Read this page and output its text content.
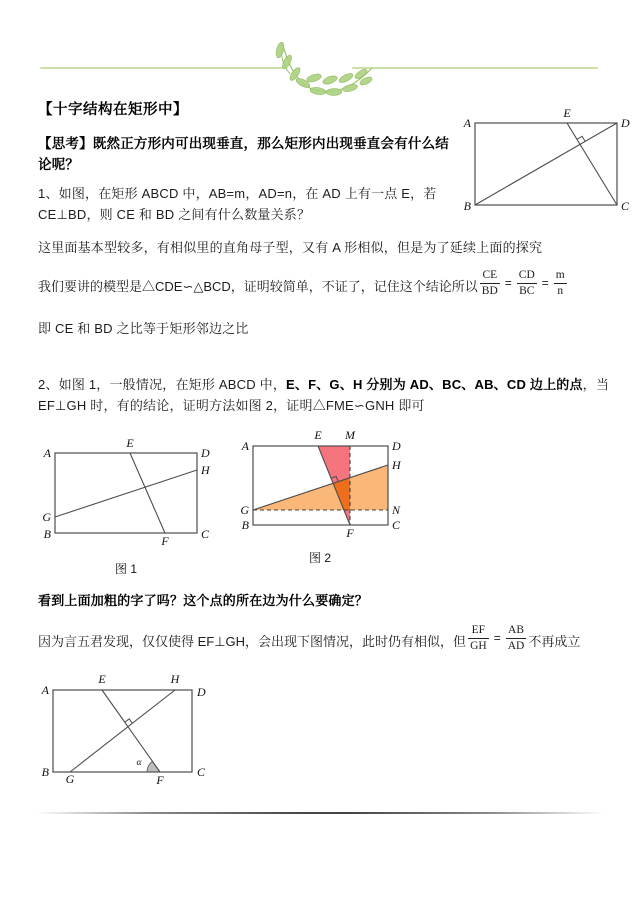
【十字结构在矩形中】
【思考】既然正方形内可出现垂直，那么矩形内出现垂直会有什么结论呢？
1、如图，在矩形 ABCD 中，AB=m，AD=n，在 AD 上有一点 E，若 CE⊥BD，则 CE 和 BD 之间有什么数量关系？
A
E
D
B	C
这里面基本型较多，有相似里的直角母子型，又有 A 形相似，但是为了延续上面的探究
我们要讲的模型是△CDE∽△BCD，证明较简单，不证了，记住这个结论所以 $\frac{CE}{BD} = \frac{CD}{BC} = \frac{m}{n}$
即 CE 和 BD 之比等于矩形邻边之比
2、如图 1，一般情况，在矩形 ABCD 中，E、F、G、H 分别为 AD、BC、AB、CD 边上的点，当 EF⊥GH 时，有的结论，证明方法如图 2，证明△FME∽GNH 即可
A
E
D
H
G
B	F	C
图 1
A
E M
D
H
G	N
B	C
F
图 2
看到上面加粗的字了吗？这个点的所在边为什么要确定？
因为言五君发现，仅仅使得 EF⊥GH，会出现下图情况，此时仍有相似，但 $\frac{EF}{GH} = \frac{AB}{AD}$ 不再成立
A
E	H
D
B G	F
C
α
